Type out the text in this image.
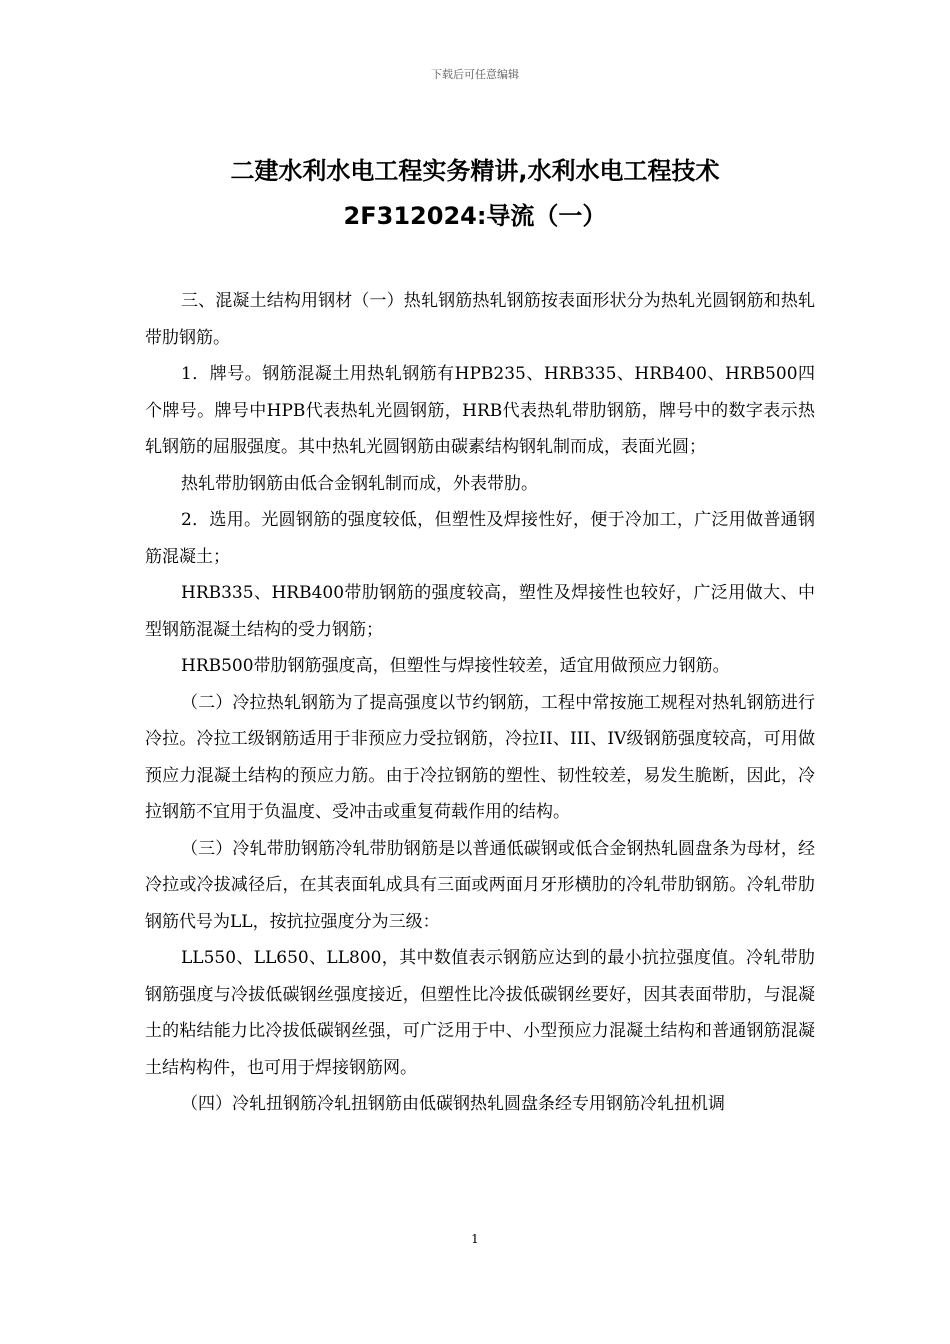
下载后可任意编辑
二建水利水电工程实务精讲,水利水电工程技术
2F312024:导流（一）

三、混凝土结构用钢材（一）热轧钢筋热轧钢筋按表面形状分为热轧光圆钢筋和热轧带肋钢筋。

1．牌号。钢筋混凝土用热轧钢筋有HPB235、HRB335、HRB400、HRB500四个牌号。牌号中HPB代表热轧光圆钢筋，HRB代表热轧带肋钢筋，牌号中的数字表示热轧钢筋的屈服强度。其中热轧光圆钢筋由碳素结构钢轧制而成，表面光圆；

热轧带肋钢筋由低合金钢轧制而成，外表带肋。

2．选用。光圆钢筋的强度较低，但塑性及焊接性好，便于冷加工，广泛用做普通钢筋混凝土；

HRB335、HRB400带肋钢筋的强度较高，塑性及焊接性也较好，广泛用做大、中型钢筋混凝土结构的受力钢筋；

HRB500带肋钢筋强度高，但塑性与焊接性较差，适宜用做预应力钢筋。

（二）冷拉热轧钢筋为了提高强度以节约钢筋，工程中常按施工规程对热轧钢筋进行冷拉。冷拉工级钢筋适用于非预应力受拉钢筋，冷拉II、III、IV级钢筋强度较高，可用做预应力混凝土结构的预应力筋。由于冷拉钢筋的塑性、韧性较差，易发生脆断，因此，冷拉钢筋不宜用于负温度、受冲击或重复荷载作用的结构。

（三）冷轧带肋钢筋冷轧带肋钢筋是以普通低碳钢或低合金钢热轧圆盘条为母材，经冷拉或冷拔减径后，在其表面轧成具有三面或两面月牙形横肋的冷轧带肋钢筋。冷轧带肋钢筋代号为LL，按抗拉强度分为三级：

LL550、LL650、LL800，其中数值表示钢筋应达到的最小抗拉强度值。冷轧带肋钢筋强度与冷拔低碳钢丝强度接近，但塑性比冷拔低碳钢丝要好，因其表面带肋，与混凝土的粘结能力比冷拔低碳钢丝强，可广泛用于中、小型预应力混凝土结构和普通钢筋混凝土结构构件，也可用于焊接钢筋网。

（四）冷轧扭钢筋冷轧扭钢筋由低碳钢热轧圆盘条经专用钢筋冷轧扭机调

1
